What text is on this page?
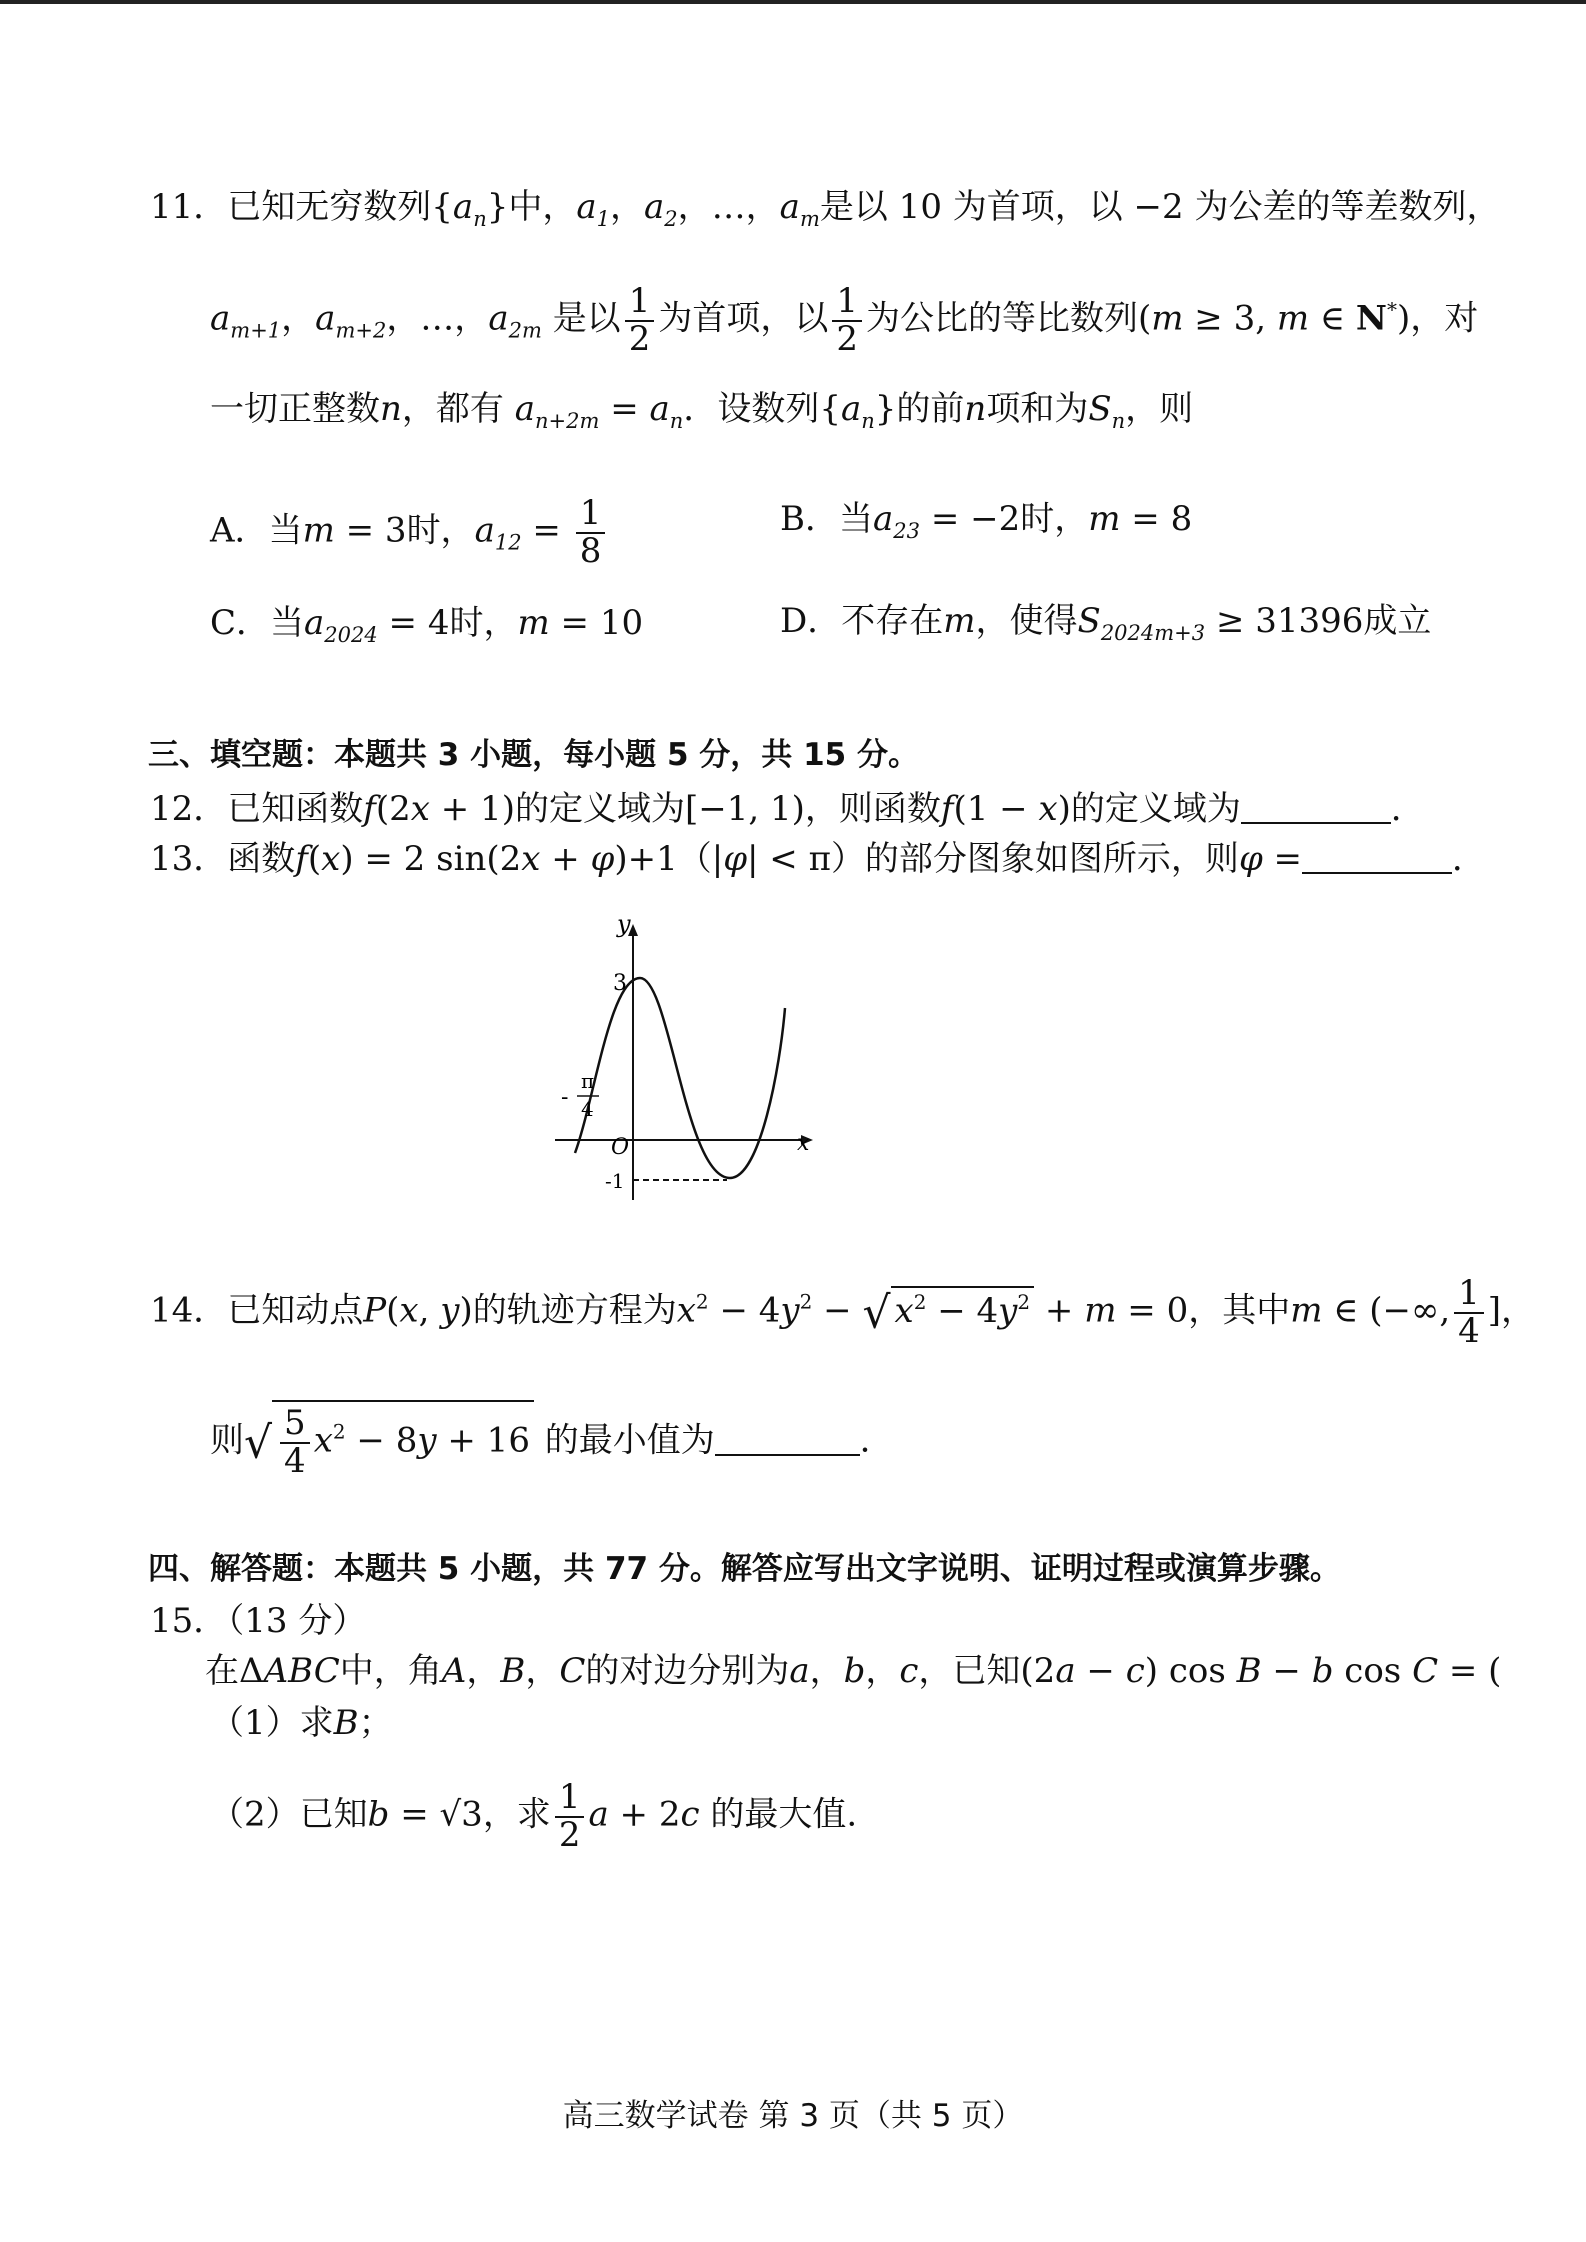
11．已知无穷数列$\{a_n\}$中，$a_1$，$a_2$，…，$a_m$是以 10 为首项，以 −2 为公差的等差数列，
$a_{m+1}$，$a_{m+2}$，…，$a_{2m}$ 是以 $\frac{1}{2}$ 为首项，以 $\frac{1}{2}$ 为公比的等比数列(m ≥ 3, m ∈ N*)，对
一切正整数n，都有 $a_{n+2m} = a_n$．设数列$\{a_n\}$的前n项和为$S_n$，则
A．当m = 3时，$a_{12} = \frac{1}{8}$	B．当$a_{23} = -2$时，m = 8
C．当$a_{2024} = 4$时，m = 10	D．不存在m，使得$S_{2024m+3} \ge 31396$成立
三、填空题：本题共 3 小题，每小题 5 分，共 15 分。
12．已知函数f(2x + 1)的定义域为[−1, 1)，则函数f(1 − x)的定义域为	．
13．函数f(x) = 2 sin(2x + φ)+1（|φ| < π）的部分图象如图所示，则φ =	．
y
x
O
3
-1
-
π
4
14．已知动点P(x, y)的轨迹方程为$x^2 - 4y^2$ − √ $x^2 - 4y^2 + m = 0$，其中m ∈ (−∞, $\frac{1}{4}$ ]，
则√ $\frac{5}{4} x^2 - 8y + 16$ 的最小值为	．
四、解答题：本题共 5 小题，共 77 分。解答应写出文字说明、证明过程或演算步骤。
15．（13 分）
在ΔABC中，角A，B，C的对边分别为a，b，c，已知(2a − c) cos B − b cos C = (
（1）求B；
（2）已知b = √3，求 $\frac{1}{2}$ a + 2c 的最大值.
高三数学试卷 第 3 页（共 5 页）
